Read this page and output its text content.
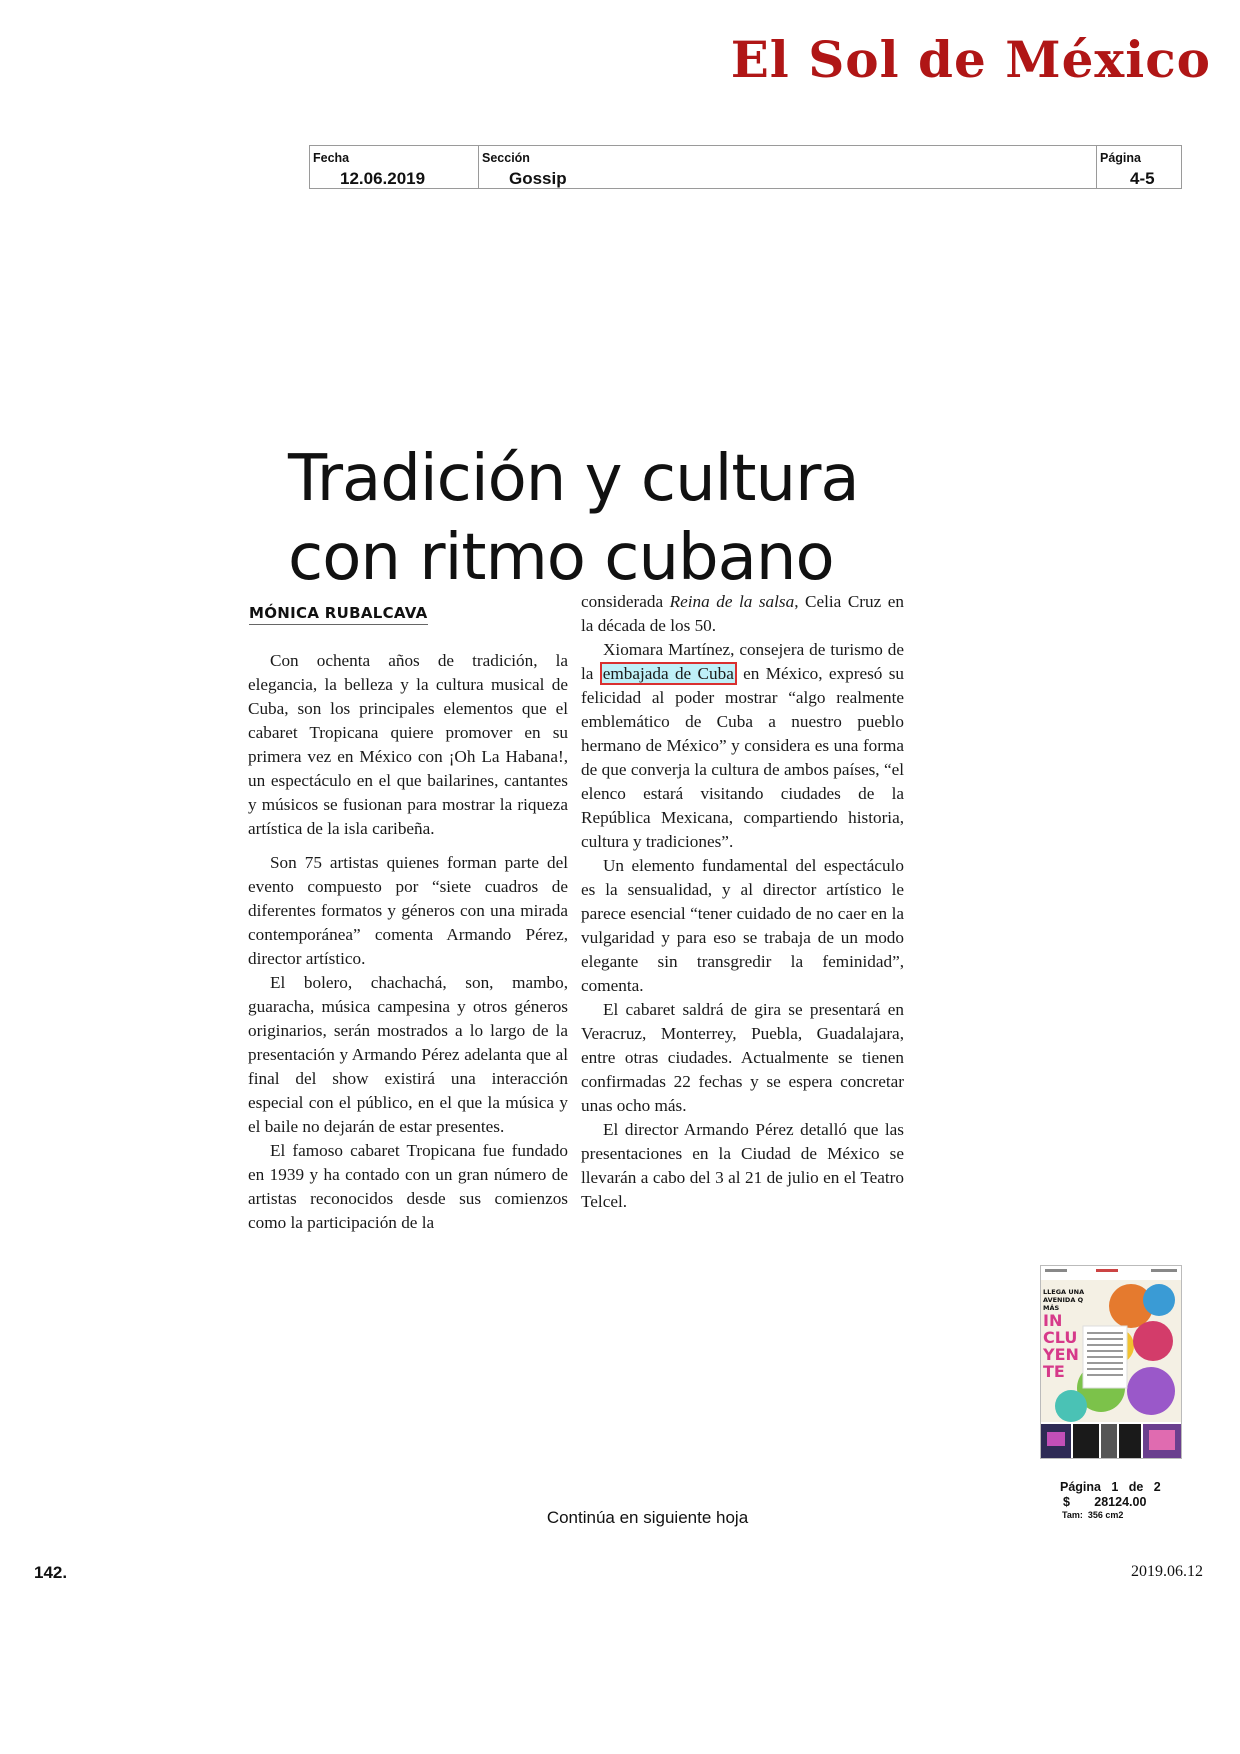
El Sol de México
Fecha
12.06.2019
Sección
Gossip
Página
4-5
Tradición y cultura con ritmo cubano
MÓNICA RUBALCAVA

Con ochenta años de tradición, la elegancia, la belleza y la cultura musical de Cuba, son los principales elementos que el cabaret Tropicana quiere promover en su primera vez en México con ¡Oh La Habana!, un espectáculo en el que bailarines, cantantes y músicos se fusionan para mostrar la riqueza artística de la isla caribeña.

Son 75 artistas quienes forman parte del evento compuesto por “siete cuadros de diferentes formatos y géneros con una mirada contemporánea” comenta Armando Pérez, director artístico.

El bolero, chachachá, son, mambo, guaracha, música campesina y otros géneros originarios, serán mostrados a lo largo de la presentación y Armando Pérez adelanta que al final del show existirá una interacción especial con el público, en el que la música y el baile no dejarán de estar presentes.

El famoso cabaret Tropicana fue fundado en 1939 y ha contado con un gran número de artistas reconocidos desde sus comienzos como la participación de la

considerada Reina de la salsa, Celia Cruz en la década de los 50.

Xiomara Martínez, consejera de turismo de la embajada de Cuba en México, expresó su felicidad al poder mostrar “algo realmente emblemático de Cuba a nuestro pueblo hermano de México” y considera es una forma de que converja la cultura de ambos países, “el elenco estará visitando ciudades de la República Mexicana, compartiendo historia, cultura y tradiciones”.

Un elemento fundamental del espectáculo es la sensualidad, y al director artístico le parece esencial “tener cuidado de no caer en la vulgaridad y para eso se trabaja de un modo elegante sin transgredir la feminidad”, comenta.

El cabaret saldrá de gira se presentará en Veracruz, Monterrey, Puebla, Guadalajara, entre otras ciudades. Actualmente se tienen confirmadas 22 fechas y se espera concretar unas ocho más.

El director Armando Pérez detalló que las presentaciones en la Ciudad de México se llevarán a cabo del 3 al 21 de julio en el Teatro Telcel.

LLEGA UNA
AVENIDA Q
MÁS
IN
CLU
YEN
TE
Página   1   de   2
$       28124.00
Tam:  356 cm2
Continúa en siguiente hoja
142.	2019.06.12
